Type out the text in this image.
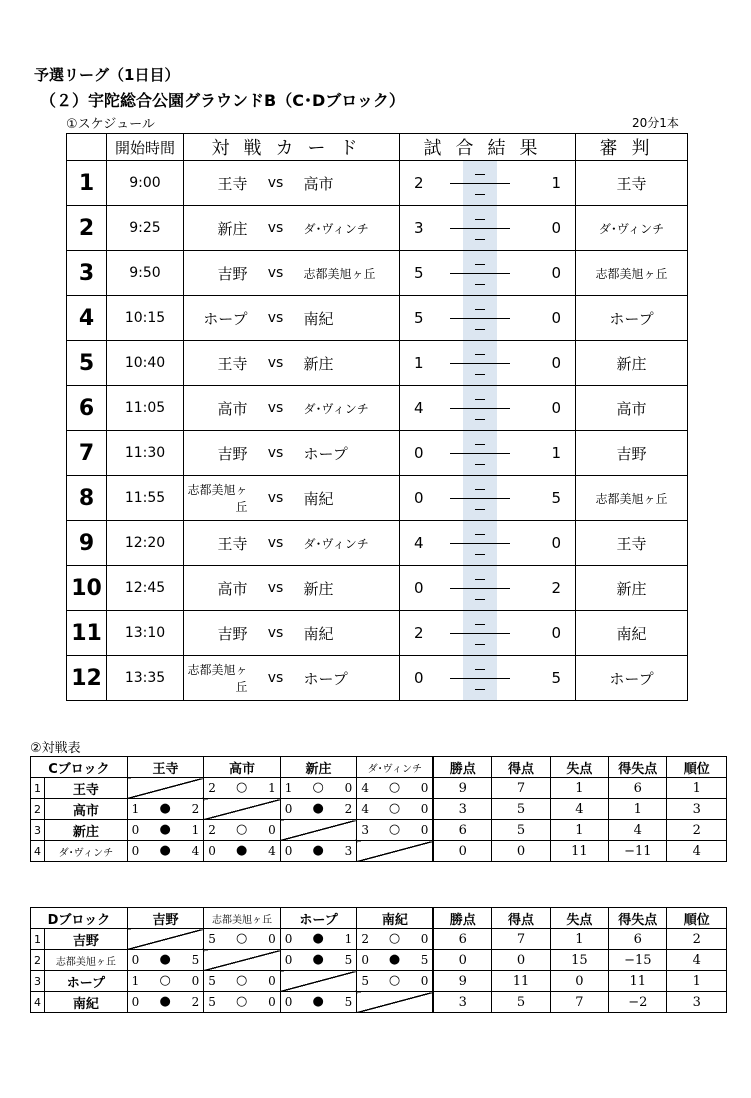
予選リーグ（1日目）
（２）宇陀総合公園グラウンドB（C･Dブロック）
①スケジュール	20分1本
	開始時間	対戦カード			試合結果			審判
1	9:00	王寺	vs	高市	2		1	王寺
2	9:25	新庄	vs	ダ･ヴィンチ	3		0	ダ･ヴィンチ
3	9:50	吉野	vs	志都美旭ヶ丘	5		0	志都美旭ヶ丘
4	10:15	ホープ	vs	南紀	5		0	ホープ
5	10:40	王寺	vs	新庄	1		0	新庄
6	11:05	高市	vs	ダ･ヴィンチ	4		0	高市
7	11:30	吉野	vs	ホープ	0		1	吉野
8	11:55	志都美旭ヶ丘	vs	南紀	0		5	志都美旭ヶ丘
9	12:20	王寺	vs	ダ･ヴィンチ	4		0	王寺
10	12:45	高市	vs	新庄	0		2	新庄
11	13:10	吉野	vs	南紀	2		0	南紀
12	13:35	志都美旭ヶ丘	vs	ホープ	0		5	ホープ
②対戦表
Cブロック		王寺	高市	新庄	ダ･ヴィンチ	勝点	得点	失点	得失点	順位
1	王寺		2 ○ 1	1 ○ 0	4 ○ 0	9	7	1	6	1
2	高市	1 ● 2		0 ● 2	4 ○ 0	3	5	4	1	3
3	新庄	0 ● 1	2 ○ 0		3 ○ 0	6	5	1	4	2
4	ダ･ヴィンチ	0 ● 4	0 ● 4	0 ● 3		0	0	11	−11	4
Dブロック		吉野	志都美旭ヶ丘	ホープ	南紀	勝点	得点	失点	得失点	順位
1	吉野		5 ○ 0	0 ● 1	2 ○ 0	6	7	1	6	2
2	志都美旭ヶ丘	0 ● 5		0 ● 5	0 ● 5	0	0	15	−15	4
3	ホープ	1 ○ 0	5 ○ 0		5 ○ 0	9	11	0	11	1
4	南紀	0 ● 2	5 ○ 0	0 ● 5		3	5	7	−2	3
